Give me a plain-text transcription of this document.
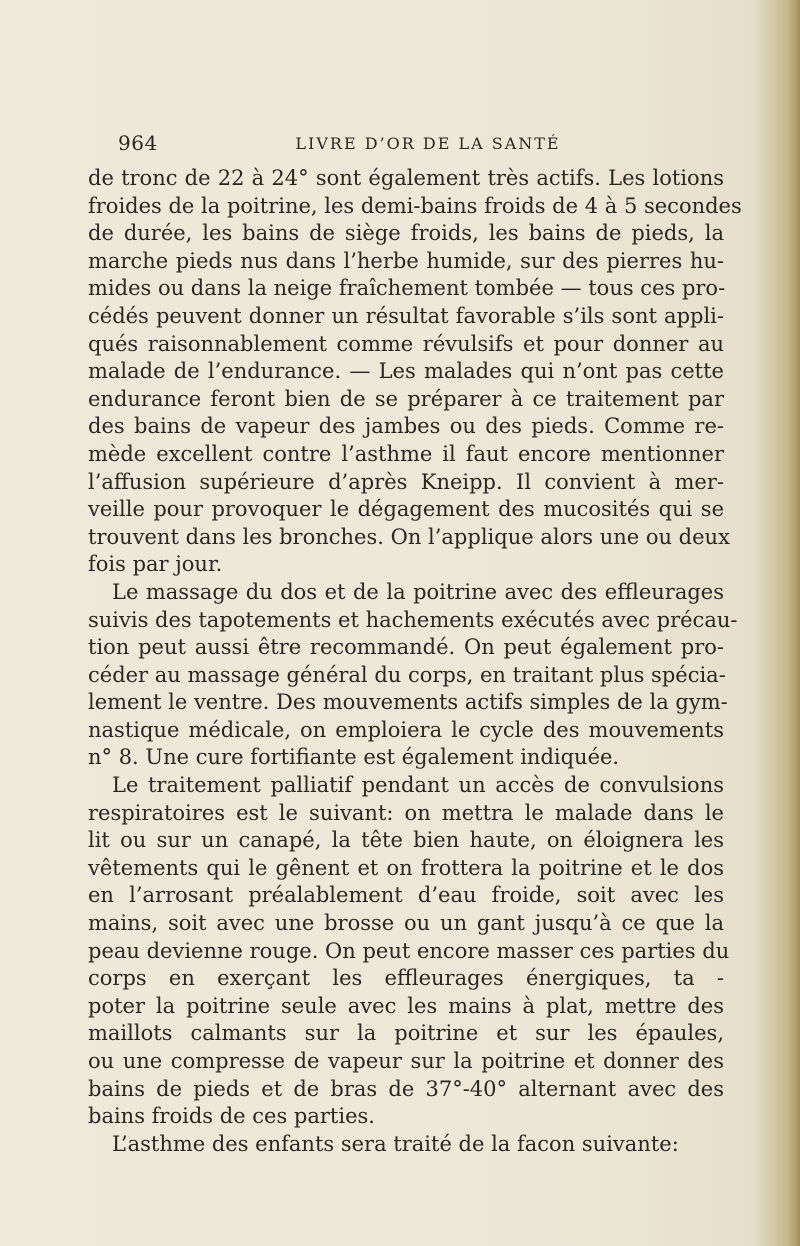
964	LIVRE D’OR DE LA SANTÉ
de tronc de 22 à 24° sont également très actifs. Les lotions
froides de la poitrine, les demi-bains froids de 4 à 5 secondes
de durée, les bains de siège froids, les bains de pieds, la
marche pieds nus dans l’herbe humide, sur des pierres hu-
mides ou dans la neige fraîchement tombée — tous ces pro-
cédés peuvent donner un résultat favorable s’ils sont appli-
qués raisonnablement comme révulsifs et pour donner au
malade de l’endurance. — Les malades qui n’ont pas cette
endurance feront bien de se préparer à ce traitement par
des bains de vapeur des jambes ou des pieds. Comme re-
mède excellent contre l’asthme il faut encore mentionner
l’affusion supérieure d’après Kneipp. Il convient à mer-
veille pour provoquer le dégagement des mucosités qui se
trouvent dans les bronches. On l’applique alors une ou deux
fois par jour.
Le massage du dos et de la poitrine avec des effleurages
suivis des tapotements et hachements exécutés avec précau-
tion peut aussi être recommandé. On peut également pro-
céder au massage général du corps, en traitant plus spécia-
lement le ventre. Des mouvements actifs simples de la gym-
nastique médicale, on emploiera le cycle des mouvements
n° 8. Une cure fortifiante est également indiquée.
Le traitement palliatif pendant un accès de convulsions
respiratoires est le suivant: on mettra le malade dans le
lit ou sur un canapé, la tête bien haute, on éloignera les
vêtements qui le gênent et on frottera la poitrine et le dos
en l’arrosant préalablement d’eau froide, soit avec les
mains, soit avec une brosse ou un gant jusqu’à ce que la
peau devienne rouge. On peut encore masser ces parties du
corps en exerçant les effleurages énergiques, ta -
poter la poitrine seule avec les mains à plat, mettre des
maillots calmants sur la poitrine et sur les épaules,
ou une compresse de vapeur sur la poitrine et donner des
bains de pieds et de bras de 37°-40° alternant avec des
bains froids de ces parties.
L’asthme des enfants sera traité de la facon suivante:
